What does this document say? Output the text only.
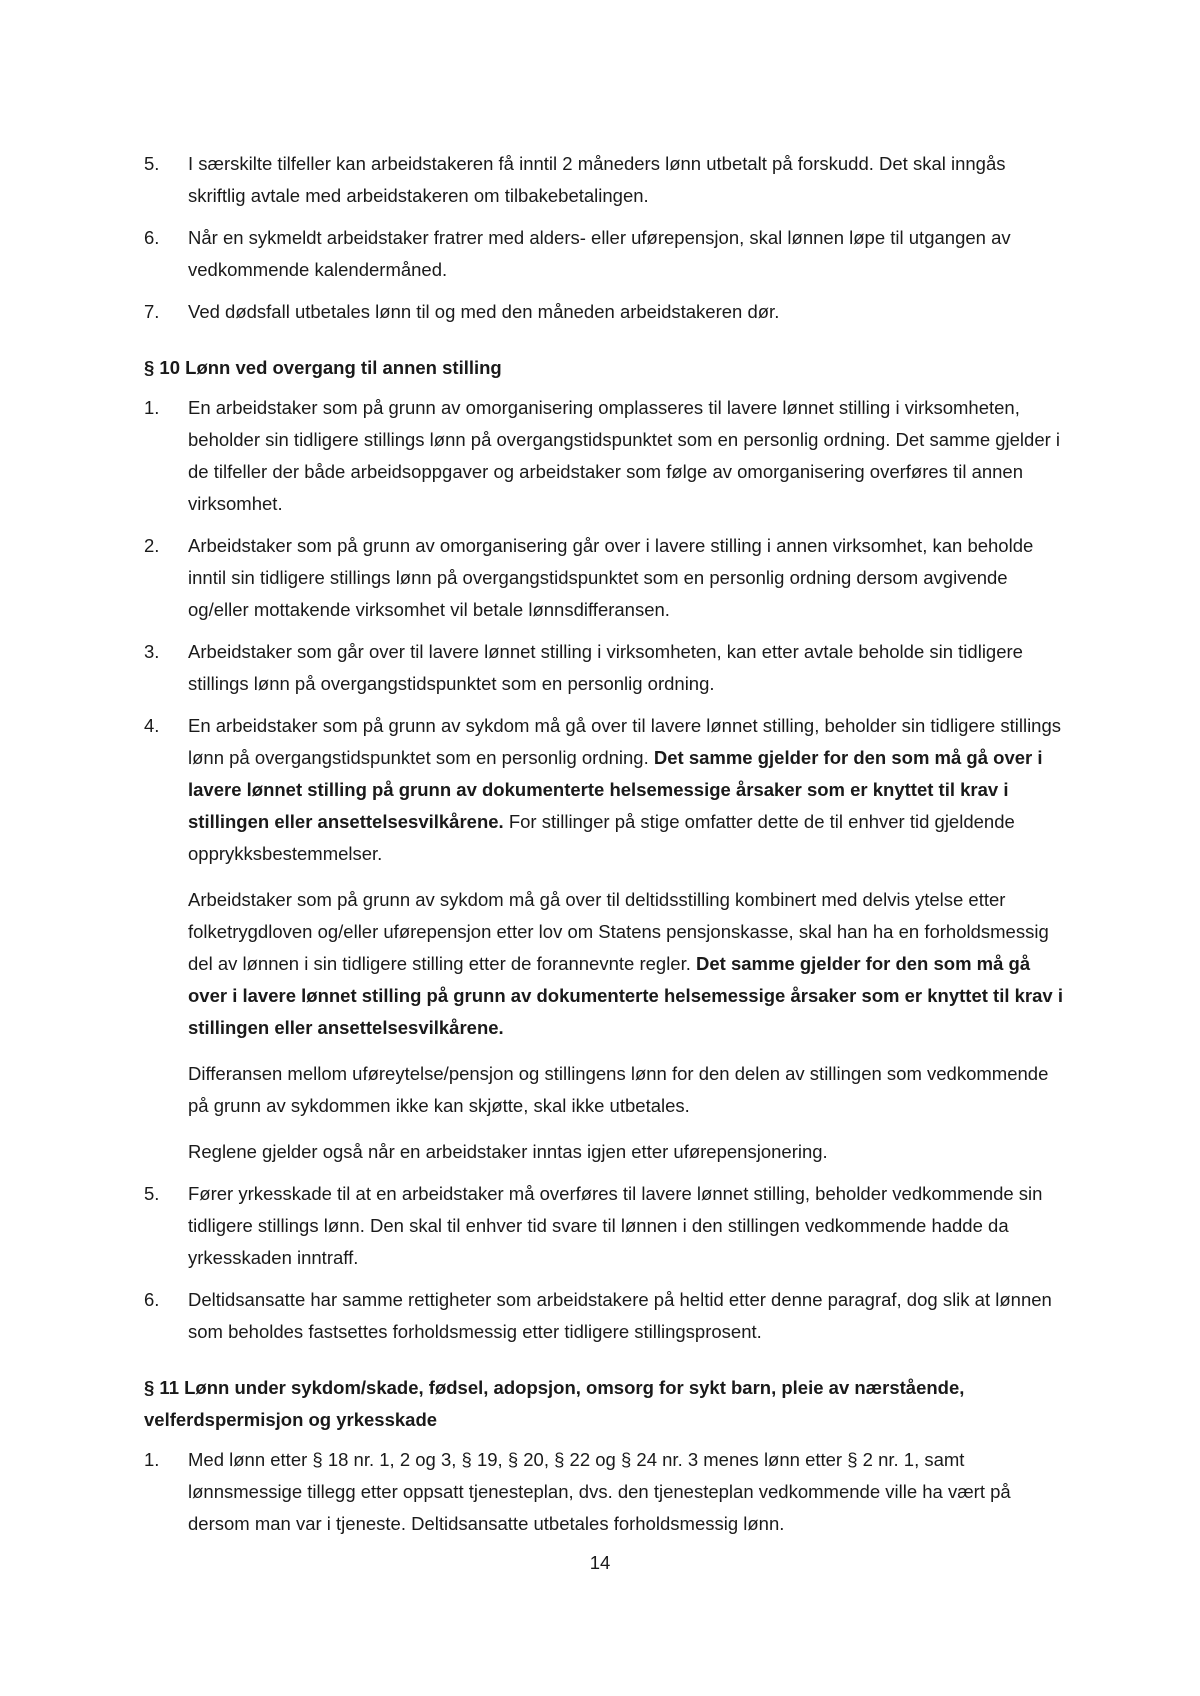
5. I særskilte tilfeller kan arbeidstakeren få inntil 2 måneders lønn utbetalt på forskudd. Det skal inngås skriftlig avtale med arbeidstakeren om tilbakebetalingen.

6. Når en sykmeldt arbeidstaker fratrer med alders- eller uførepensjon, skal lønnen løpe til utgangen av vedkommende kalendermåned.

7. Ved dødsfall utbetales lønn til og med den måneden arbeidstakeren dør.

§ 10 Lønn ved overgang til annen stilling
1. En arbeidstaker som på grunn av omorganisering omplasseres til lavere lønnet stilling i virksomheten, beholder sin tidligere stillings lønn på overgangstidspunktet som en personlig ordning. Det samme gjelder i de tilfeller der både arbeidsoppgaver og arbeidstaker som følge av omorganisering overføres til annen virksomhet.

2. Arbeidstaker som på grunn av omorganisering går over i lavere stilling i annen virksomhet, kan beholde inntil sin tidligere stillings lønn på overgangstidspunktet som en personlig ordning dersom avgivende og/eller mottakende virksomhet vil betale lønnsdifferansen.

3. Arbeidstaker som går over til lavere lønnet stilling i virksomheten, kan etter avtale beholde sin tidligere stillings lønn på overgangstidspunktet som en personlig ordning.

4. En arbeidstaker som på grunn av sykdom må gå over til lavere lønnet stilling, beholder sin tidligere stillings lønn på overgangstidspunktet som en personlig ordning. Det samme gjelder for den som må gå over i lavere lønnet stilling på grunn av dokumenterte helsemessige årsaker som er knyttet til krav i stillingen eller ansettelsesvilkårene. For stillinger på stige omfatter dette de til enhver tid gjeldende opprykksbestemmelser.

Arbeidstaker som på grunn av sykdom må gå over til deltidsstilling kombinert med delvis ytelse etter folketrygdloven og/eller uførepensjon etter lov om Statens pensjonskasse, skal han ha en forholdsmessig del av lønnen i sin tidligere stilling etter de forannevnte regler. Det samme gjelder for den som må gå over i lavere lønnet stilling på grunn av dokumenterte helsemessige årsaker som er knyttet til krav i stillingen eller ansettelsesvilkårene.

Differansen mellom uføreytelse/pensjon og stillingens lønn for den delen av stillingen som vedkommende på grunn av sykdommen ikke kan skjøtte, skal ikke utbetales.

Reglene gjelder også når en arbeidstaker inntas igjen etter uførepensjonering.

5. Fører yrkesskade til at en arbeidstaker må overføres til lavere lønnet stilling, beholder vedkommende sin tidligere stillings lønn. Den skal til enhver tid svare til lønnen i den stillingen vedkommende hadde da yrkesskaden inntraff.

6. Deltidsansatte har samme rettigheter som arbeidstakere på heltid etter denne paragraf, dog slik at lønnen som beholdes fastsettes forholdsmessig etter tidligere stillingsprosent.

§ 11 Lønn under sykdom/skade, fødsel, adopsjon, omsorg for sykt barn, pleie av nærstående, velferdspermisjon og yrkesskade
1. Med lønn etter § 18 nr. 1, 2 og 3, § 19, § 20, § 22 og § 24 nr. 3 menes lønn etter § 2 nr. 1, samt lønnsmessige tillegg etter oppsatt tjenesteplan, dvs. den tjenesteplan vedkommende ville ha vært på dersom man var i tjeneste. Deltidsansatte utbetales forholdsmessig lønn.

14
